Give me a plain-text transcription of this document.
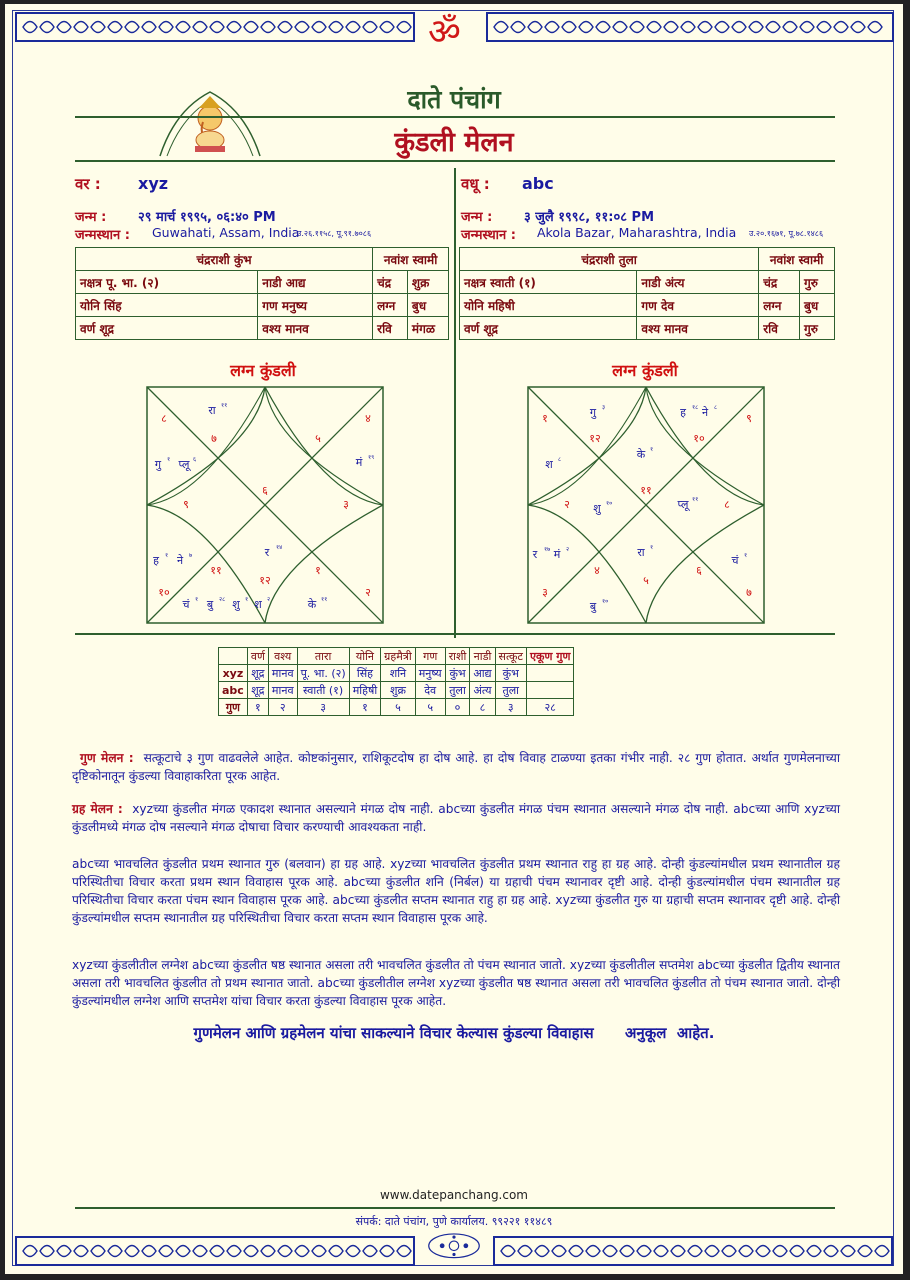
ॐ
दाते पंचांग
कुंडली मेलन
वर : xyz
जन्म : २९ मार्च १९९५, ०६:४० PM
जन्मस्थान : Guwahati, Assam, India
उ.२६.११५८, पू.९१.७०८६
चंद्रराशी कुंभ		नवांश स्वामी	
नक्षत्र पू. भा. (२)	नाडी आद्य	चंद्र	शुक्र
योनि सिंह	गण मनुष्य	लग्न	बुध
वर्ण शूद्र	वश्य मानव	रवि	मंगळ
वधू : abc
जन्म : ३ जुलै १९९८, ११:०८ PM
जन्मस्थान : Akola Bazar, Maharashtra, India उ.२०.१६७१, पू.७८.१४८६
चंद्रराशी तुला		नवांश स्वामी	
नक्षत्र स्वाती (१)	नाडी अंत्य	चंद्र	गुरु
योनि महिषी	गण देव	लग्न	बुध
वर्ण शूद्र	वश्य मानव	रवि	गुरु
लग्न कुंडली	लग्न कुंडली
६
७
८
९
१०
११
१२
१
२
३
४
५
रा ११
गु १ प्लू ६	मं १९
ह १ ने ७	र १४
चं १ बु २८ शु १ श २	के ११
११
१२
१
२
३
४
५
६
७
८
९
१०
गु ३	ह १८ ने ८
श ८	के १
शु १०	प्लू ११
रा १
र १७ मं २
चं १
बु १०
	वर्ण	वश्य	तारा	योनि	ग्रहमैत्री	गण	राशी	नाडी	सत्कूट	एकूण गुण
xyz	शूद्र	मानव	पू. भा. (२)	सिंह	शनि	मनुष्य	कुंभ	आद्य	कुंभ	
abc	शूद्र	मानव	स्वाती (१)	महिषी	शुक्र	देव	तुला	अंत्य	तुला	
गुण	१	२	३	१	५	५	०	८	३	२८
गुण मेलन : सत्कूटाचे ३ गुण वाढवलेले आहेत. कोष्टकांनुसार, राशिकूटदोष हा दोष आहे. हा दोष विवाह टाळण्या इतका गंभीर नाही. २८ गुण होतात. अर्थात गुणमेलनाच्या दृष्टिकोनातून कुंडल्या विवाहाकरिता पूरक आहेत.
ग्रह मेलन : xyzच्या कुंडलीत मंगळ एकादश स्थानात असल्याने मंगळ दोष नाही. abcच्या कुंडलीत मंगळ पंचम स्थानात असल्याने मंगळ दोष नाही. abcच्या आणि xyzच्या कुंडलीमध्ये मंगळ दोष नसल्याने मंगळ दोषाचा विचार करण्याची आवश्यकता नाही.
abcच्या भावचलित कुंडलीत प्रथम स्थानात गुरु (बलवान) हा ग्रह आहे. xyzच्या भावचलित कुंडलीत प्रथम स्थानात राहु हा ग्रह आहे. दोन्ही कुंडल्यांमधील प्रथम स्थानातील ग्रह परिस्थितीचा विचार करता प्रथम स्थान विवाहास पूरक आहे. abcच्या कुंडलीत शनि (निर्बल) या ग्रहाची पंचम स्थानावर दृष्टी आहे. दोन्ही कुंडल्यांमधील पंचम स्थानातील ग्रह परिस्थितीचा विचार करता पंचम स्थान विवाहास पूरक आहे. abcच्या कुंडलीत सप्तम स्थानात राहु हा ग्रह आहे. xyzच्या कुंडलीत गुरु या ग्रहाची सप्तम स्थानावर दृष्टी आहे. दोन्ही कुंडल्यांमधील सप्तम स्थानातील ग्रह परिस्थितीचा विचार करता सप्तम स्थान विवाहास पूरक आहे.
xyzच्या कुंडलीतील लग्नेश abcच्या कुंडलीत षष्ठ स्थानात असला तरी भावचलित कुंडलीत तो पंचम स्थानात जातो. xyzच्या कुंडलीतील सप्तमेश abcच्या कुंडलीत द्वितीय स्थानात असला तरी भावचलित कुंडलीत तो प्रथम स्थानात जातो. abcच्या कुंडलीतील लग्नेश xyzच्या कुंडलीत षष्ठ स्थानात असला तरी भावचलित कुंडलीत तो पंचम स्थानात जातो. दोन्ही कुंडल्यांमधील लग्नेश आणि सप्तमेश यांचा विचार करता कुंडल्या विवाहास पूरक आहेत.
गुणमेलन आणि ग्रहमेलन यांचा साकल्याने विचार केल्यास कुंडल्या विवाहास      अनुकूल  आहेत.
www.datepanchang.com
संपर्क: दाते पंचांग, पुणे कार्यालय. ९९२२१ ११४८९
